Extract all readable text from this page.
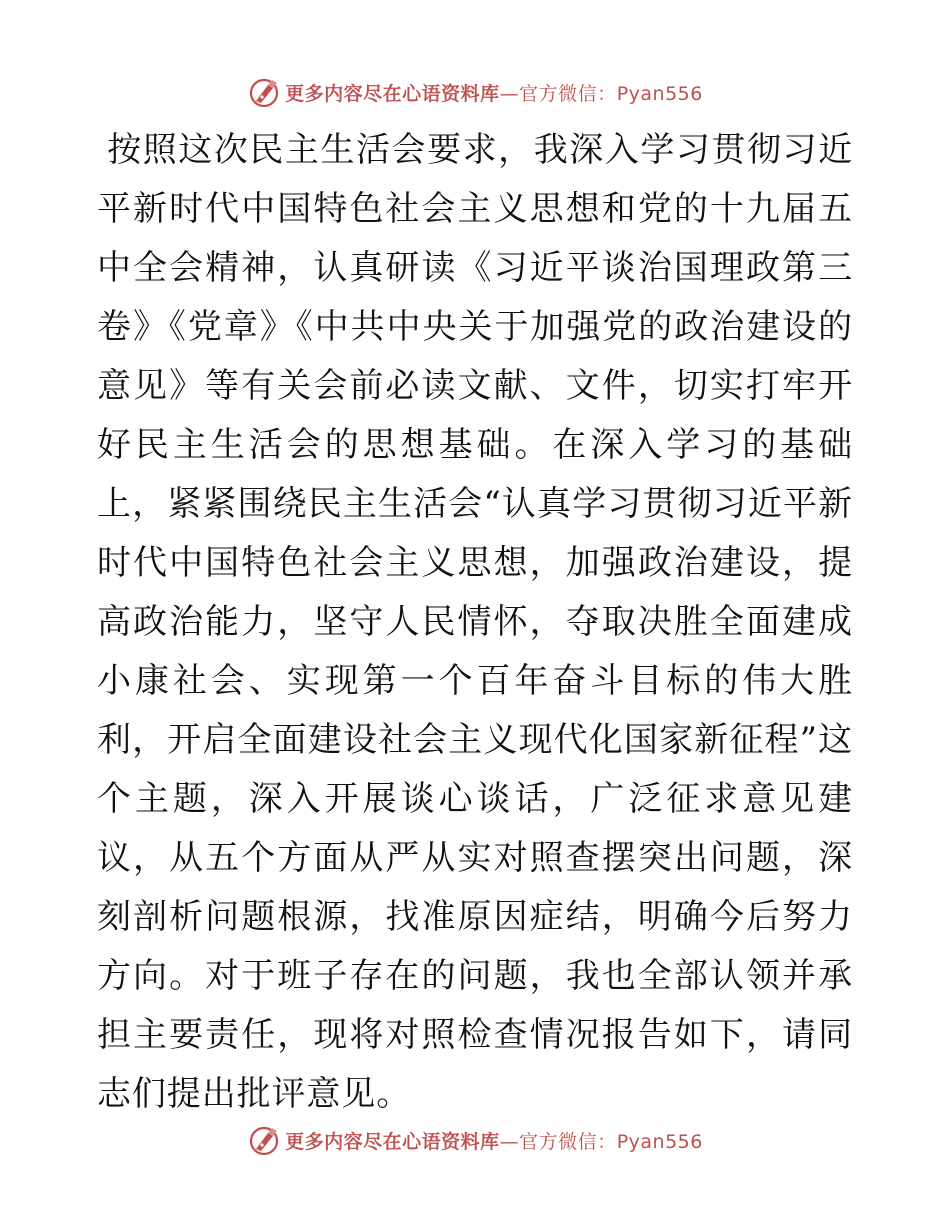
更多内容尽在心语资料库—官方微信：Pyan556

按照这次民主生活会要求，我深入学习贯彻习近平新时代中国特色社会主义思想和党的十九届五中全会精神，认真研读《习近平谈治国理政第三卷》《党章》《中共中央关于加强党的政治建设的意见》等有关会前必读文献、文件，切实打牢开好民主生活会的思想基础。在深入学习的基础上，紧紧围绕民主生活会“认真学习贯彻习近平新时代中国特色社会主义思想，加强政治建设，提高政治能力，坚守人民情怀，夺取决胜全面建成小康社会、实现第一个百年奋斗目标的伟大胜利，开启全面建设社会主义现代化国家新征程”这个主题，深入开展谈心谈话，广泛征求意见建议，从五个方面从严从实对照查摆突出问题，深刻剖析问题根源，找准原因症结，明确今后努力方向。对于班子存在的问题，我也全部认领并承担主要责任，现将对照检查情况报告如下，请同志们提出批评意见。

更多内容尽在心语资料库—官方微信：Pyan556
